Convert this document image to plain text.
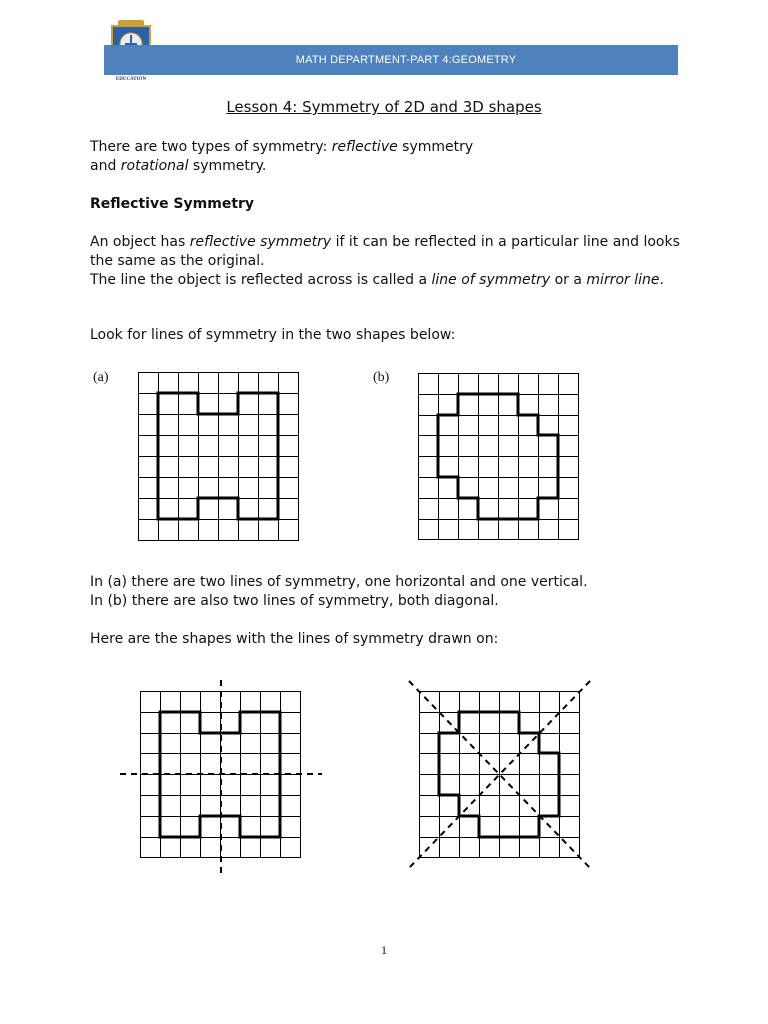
EDUCATION
MATH DEPARTMENT-PART 4:GEOMETRY
Lesson 4: Symmetry of 2D and 3D shapes
There are two types of symmetry: reflective symmetry
and rotational symmetry.
Reflective Symmetry
An object has reflective symmetry if it can be reflected in a particular line and looks the same as the original.
The line the object is reflected across is called a line of symmetry or a mirror line.
Look for lines of symmetry in the two shapes below:
(a)	(b)
In (a) there are two lines of symmetry, one horizontal and one vertical.
In (b) there are also two lines of symmetry, both diagonal.
Here are the shapes with the lines of symmetry drawn on:
1
